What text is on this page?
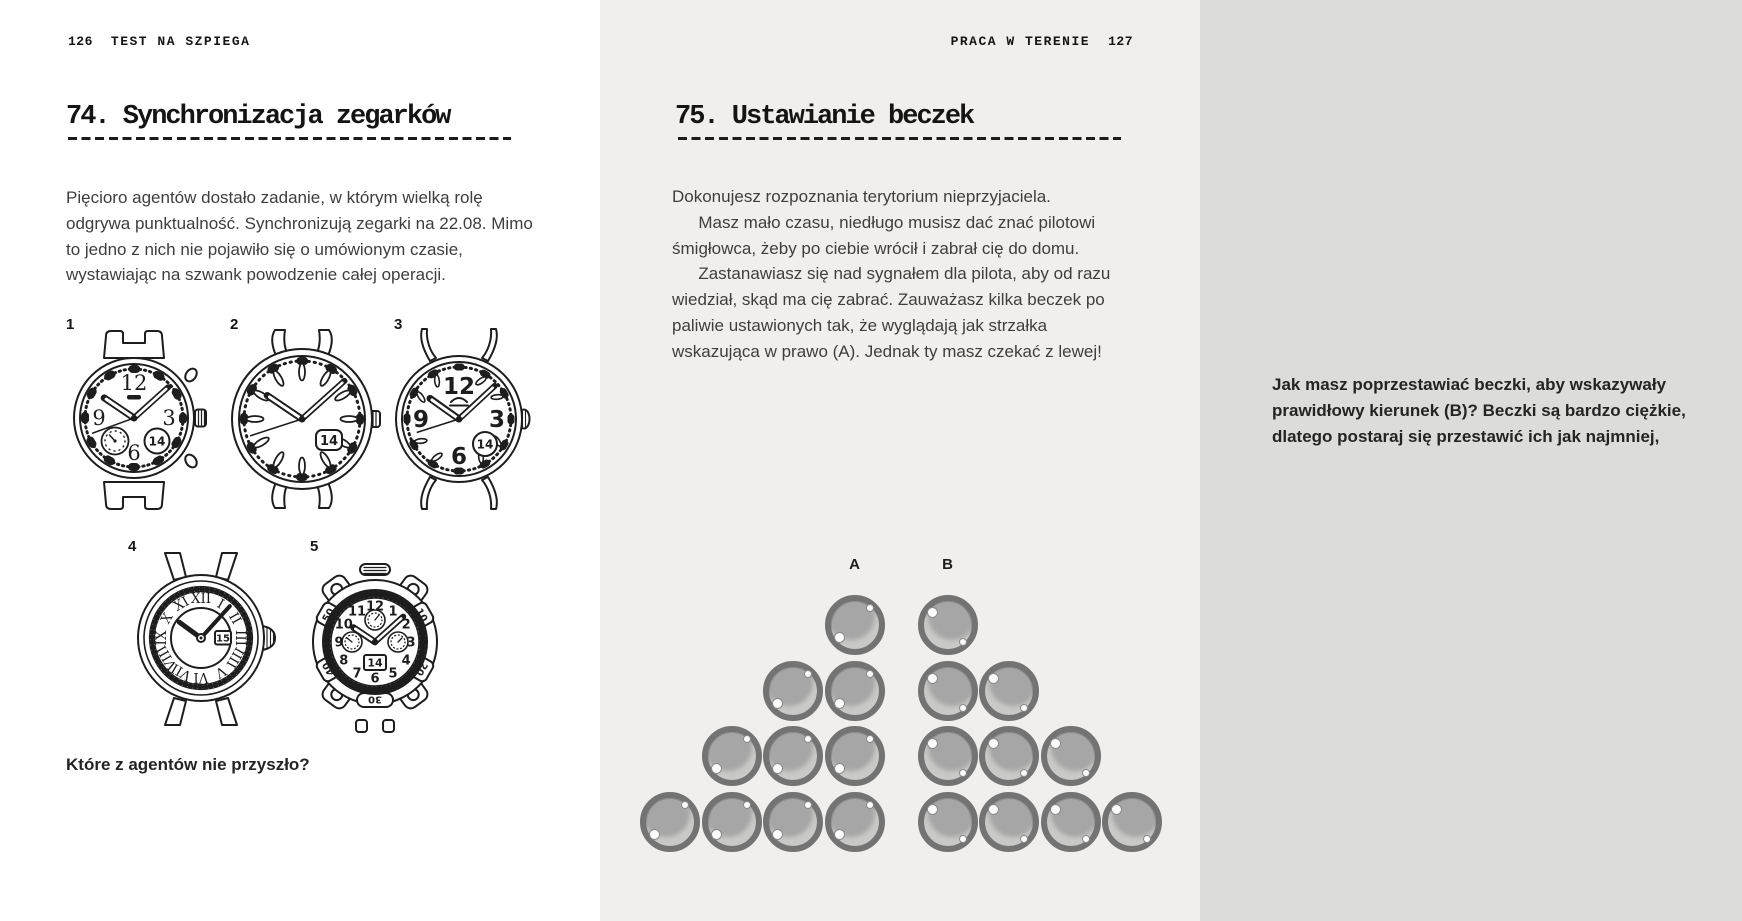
126 TEST NA SZPIEGA
74. Synchronizacja zegarków

Pięcioro agentów dostało zadanie, w którym wielką rolę odgrywa punktualność. Synchronizują zegarki na 22.08. Mimo to jedno z nich nie pojawiło się o umówionym czasie, wystawiając na szwank powodzenie całej operacji.

1	2	3
4	5
12
3
6
9
14	14
12
3
6
9
14
XII I
II
III
IIII
V
VI
VII
VIII
IX
X
XI
15
10
20
30
40
50 12 1
2
3
4
5
6
7
8
9
10
11
14
Które z agentów nie przyszło?
PRACA W TERENIE 127
75. Ustawianie beczek

Dokonujesz rozpoznania terytorium nieprzyjaciela.

Masz mało czasu, niedługo musisz dać znać pilotowi śmigłowca, żeby po ciebie wrócił i zabrał cię do domu.

Zastanawiasz się nad sygnałem dla pilota, aby od razu wiedział, skąd ma cię zabrać. Zauważasz kilka beczek po paliwie ustawionych tak, że wyglądają jak strzałka wskazująca w prawo (A). Jednak ty masz czekać z lewej!

Jak masz poprzestawiać beczki, aby wskazywały prawidłowy kierunek (B)? Beczki są bardzo ciężkie, dlatego postaraj się przestawić ich jak najmniej,
A	B
